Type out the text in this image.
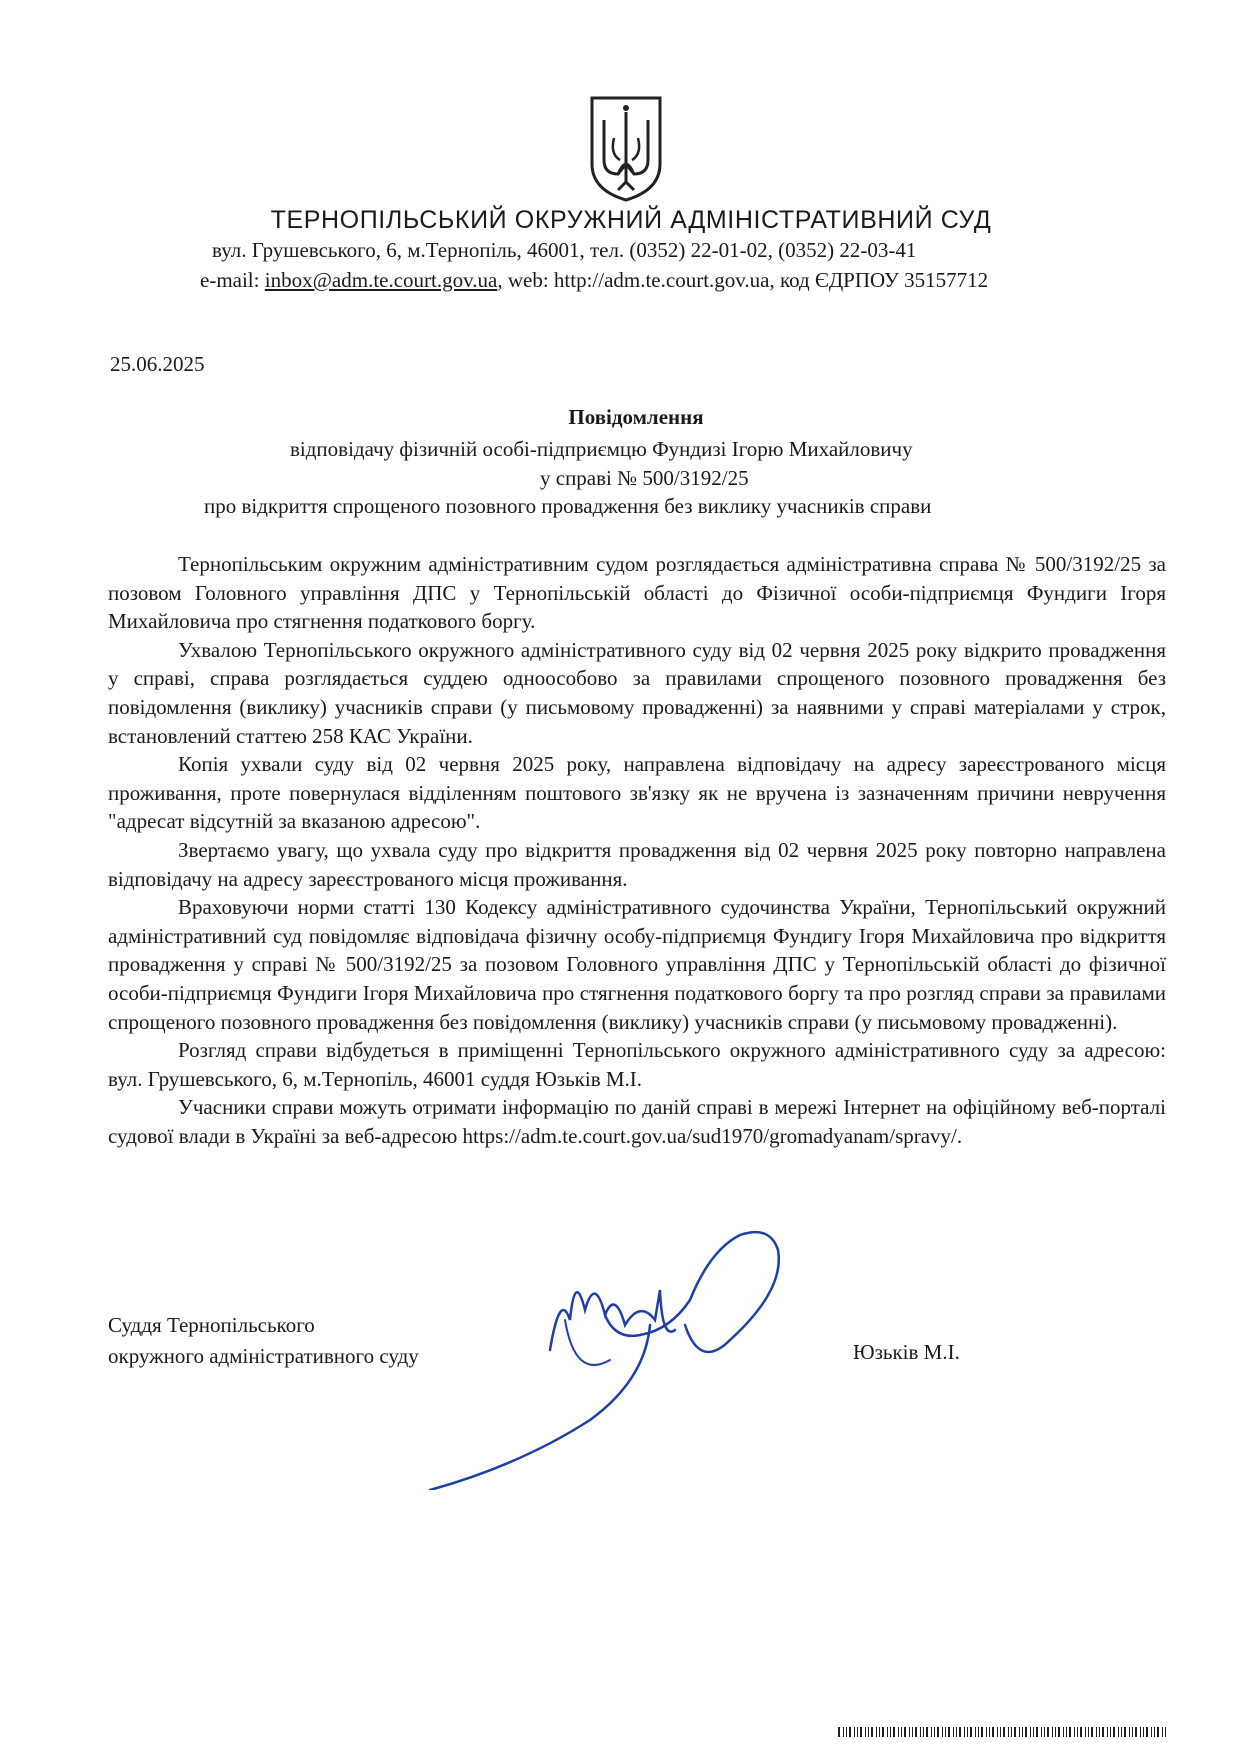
ТЕРНОПІЛЬСЬКИЙ ОКРУЖНИЙ АДМІНІСТРАТИВНИЙ СУД
вул. Грушевського, 6, м.Тернопіль, 46001, тел. (0352) 22-01-02, (0352) 22-03-41
e-mail: inbox@adm.te.court.gov.ua, web: http://adm.te.court.gov.ua, код ЄДРПОУ 35157712
25.06.2025
Повідомлення
відповідачу фізичній особі-підприємцю Фундизі Ігорю Михайловичу
у справі № 500/3192/25
про відкриття спрощеного позовного провадження без виклику учасників справи

Тернопільським окружним адміністративним судом розглядається адміністративна справа № 500/3192/25 за позовом Головного управління ДПС у Тернопільській області до Фізичної особи-підприємця Фундиги Ігоря Михайловича про стягнення податкового боргу.

Ухвалою Тернопільського окружного адміністративного суду від 02 червня 2025 року відкрито провадження у справі, справа розглядається суддею одноособово за правилами спрощеного позовного провадження без повідомлення (виклику) учасників справи (у письмовому провадженні) за наявними у справі матеріалами у строк, встановлений статтею 258 КАС України.

Копія ухвали суду від 02 червня 2025 року, направлена відповідачу на адресу зареєстрованого місця проживання, проте повернулася відділенням поштового зв'язку як не вручена із зазначенням причини невручення "адресат відсутній за вказаною адресою".

Звертаємо увагу, що ухвала суду про відкриття провадження від 02 червня 2025 року повторно направлена відповідачу на адресу зареєстрованого місця проживання.

Враховуючи норми статті 130 Кодексу адміністративного судочинства України, Тернопільський окружний адміністративний суд повідомляє відповідача фізичну особу-підприємця Фундигу Ігоря Михайловича про відкриття провадження у справі № 500/3192/25 за позовом Головного управління ДПС у Тернопільській області до фізичної особи-підприємця Фундиги Ігоря Михайловича про стягнення податкового боргу та про розгляд справи за правилами спрощеного позовного провадження без повідомлення (виклику) учасників справи (у письмовому провадженні).

Розгляд справи відбудеться в приміщенні Тернопільського окружного адміністративного суду за адресою: вул. Грушевського, 6, м.Тернопіль, 46001 суддя Юзьків М.І.

Учасники справи можуть отримати інформацію по даній справі в мережі Інтернет на офіційному веб-порталі судової влади в Україні за веб-адресою https://adm.te.court.gov.ua/sud1970/gromadyanam/spravy/.

Суддя Тернопільського
окружного адміністративного суду	Юзьків М.І.
